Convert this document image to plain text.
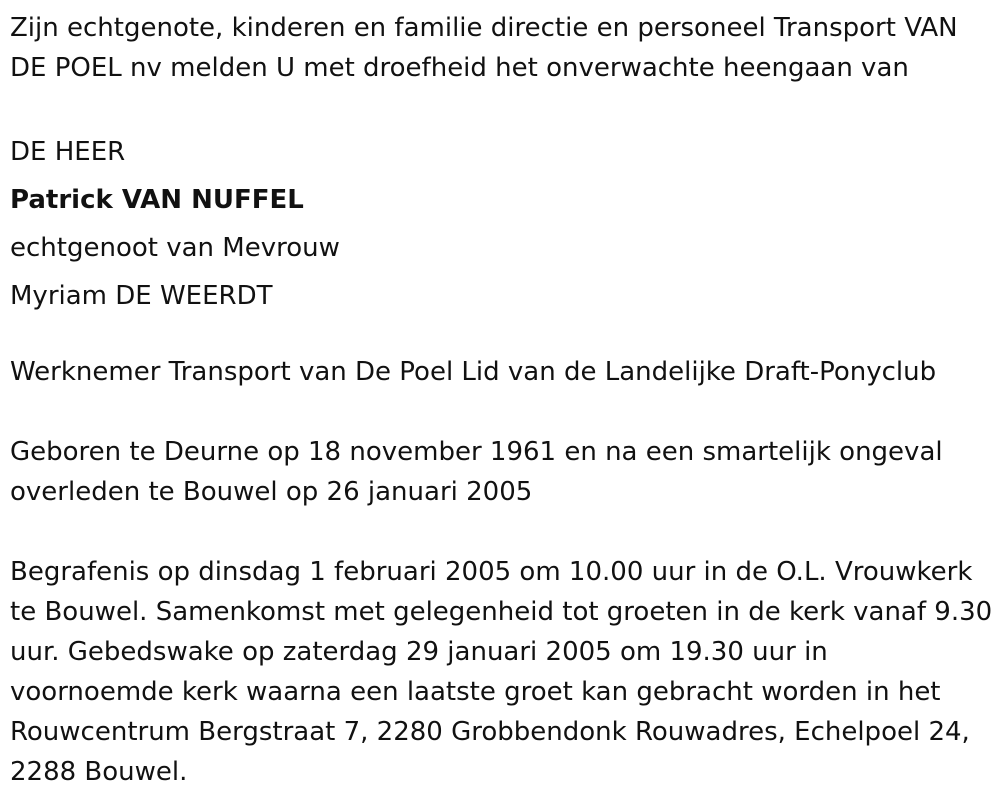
Zijn echtgenote, kinderen en familie directie en personeel Transport VAN DE POEL nv melden U met droefheid het onverwachte heengaan van

DE HEER
Patrick VAN NUFFEL
echtgenoot van Mevrouw
Myriam DE WEERDT

Werknemer Transport van De Poel Lid van de Landelijke Draft-Ponyclub

Geboren te Deurne op 18 november 1961 en na een smartelijk ongeval overleden te Bouwel op 26 januari 2005

Begrafenis op dinsdag 1 februari 2005 om 10.00 uur in de O.L. Vrouwkerk te Bouwel. Samenkomst met gelegenheid tot groeten in de kerk vanaf 9.30 uur. Gebedswake op zaterdag 29 januari 2005 om 19.30 uur in voornoemde kerk waarna een laatste groet kan gebracht worden in het Rouwcentrum Bergstraat 7, 2280 Grobbendonk Rouwadres, Echelpoel 24, 2288 Bouwel.
